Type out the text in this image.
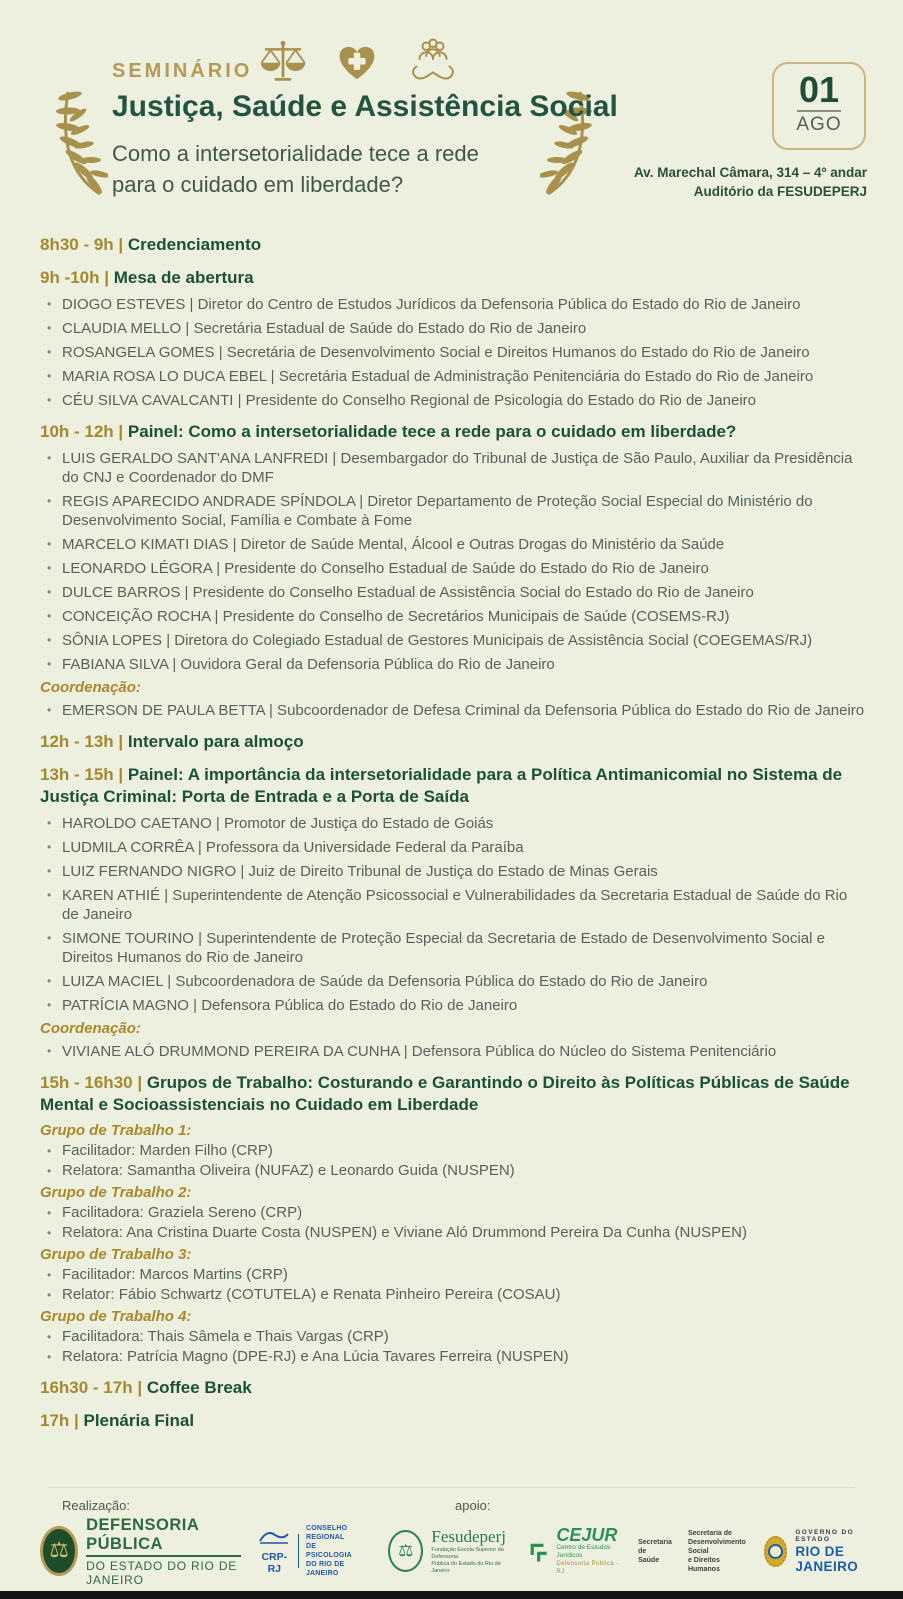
SEMINÁRIO
Justiça, Saúde e Assistência Social
Como a intersetorialidade tece a rede
para o cuidado em liberdade?
01
AGO
Av. Marechal Câmara, 314 – 4º andar
Auditório da FESUDEPERJ
8h30 - 9h | Credenciamento
9h -10h | Mesa de abertura
• DIOGO ESTEVES | Diretor do Centro de Estudos Jurídicos da Defensoria Pública do Estado do Rio de Janeiro
• CLAUDIA MELLO | Secretária Estadual de Saúde do Estado do Rio de Janeiro
• ROSANGELA GOMES | Secretária de Desenvolvimento Social e Direitos Humanos do Estado do Rio de Janeiro
• MARIA ROSA LO DUCA EBEL | Secretária Estadual de Administração Penitenciária do Estado do Rio de Janeiro
• CÉU SILVA CAVALCANTI | Presidente do Conselho Regional de Psicologia do Estado do Rio de Janeiro
10h - 12h | Painel: Como a intersetorialidade tece a rede para o cuidado em liberdade?
• LUIS GERALDO SANT'ANA LANFREDI | Desembargador do Tribunal de Justiça de São Paulo, Auxiliar da Presidência do CNJ e Coordenador do DMF
• REGIS APARECIDO ANDRADE SPÍNDOLA | Diretor Departamento de Proteção Social Especial do Ministério do Desenvolvimento Social, Família e Combate à Fome
• MARCELO KIMATI DIAS | Diretor de Saúde Mental, Álcool e Outras Drogas do Ministério da Saúde
• LEONARDO LÉGORA | Presidente do Conselho Estadual de Saúde do Estado do Rio de Janeiro
• DULCE BARROS | Presidente do Conselho Estadual de Assistência Social do Estado do Rio de Janeiro
• CONCEIÇÃO ROCHA | Presidente do Conselho de Secretários Municipais de Saúde (COSEMS-RJ)
• SÔNIA LOPES | Diretora do Colegiado Estadual de Gestores Municipais de Assistência Social (COEGEMAS/RJ)
• FABIANA SILVA | Ouvidora Geral da Defensoria Pública do Rio de Janeiro

Coordenação:

• EMERSON DE PAULA BETTA | Subcoordenador de Defesa Criminal da Defensoria Pública do Estado do Rio de Janeiro
12h - 13h | Intervalo para almoço
13h - 15h | Painel: A importância da intersetorialidade para a Política Antimanicomial no Sistema de Justiça Criminal: Porta de Entrada e a Porta de Saída
• HAROLDO CAETANO | Promotor de Justiça do Estado de Goiás
• LUDMILA CORRÊA | Professora da Universidade Federal da Paraíba
• LUIZ FERNANDO NIGRO | Juiz de Direito Tribunal de Justiça do Estado de Minas Gerais
• KAREN ATHIÉ | Superintendente de Atenção Psicossocial e Vulnerabilidades da Secretaria Estadual de Saúde do Rio de Janeiro
• SIMONE TOURINO | Superintendente de Proteção Especial da Secretaria de Estado de Desenvolvimento Social e Direitos Humanos do Rio de Janeiro
• LUIZA MACIEL | Subcoordenadora de Saúde da Defensoria Pública do Estado do Rio de Janeiro
• PATRÍCIA MAGNO | Defensora Pública do Estado do Rio de Janeiro

Coordenação:

• VIVIANE ALÓ DRUMMOND PEREIRA DA CUNHA | Defensora Pública do Núcleo do Sistema Penitenciário
15h - 16h30 | Grupos de Trabalho: Costurando e Garantindo o Direito às Políticas Públicas de Saúde Mental e Socioassistenciais no Cuidado em Liberdade

Grupo de Trabalho 1:

• Facilitador: Marden Filho (CRP)
• Relatora: Samantha Oliveira (NUFAZ) e Leonardo Guida (NUSPEN)

Grupo de Trabalho 2:

• Facilitadora: Graziela Sereno (CRP)
• Relatora: Ana Cristina Duarte Costa (NUSPEN) e Viviane Aló Drummond Pereira Da Cunha (NUSPEN)

Grupo de Trabalho 3:

• Facilitador: Marcos Martins (CRP)
• Relator: Fábio Schwartz (COTUTELA) e Renata Pinheiro Pereira (COSAU)

Grupo de Trabalho 4:

• Facilitadora: Thais Sâmela e Thais Vargas (CRP)
• Relatora: Patrícia Magno (DPE-RJ) e Ana Lúcia Tavares Ferreira (NUSPEN)
16h30 - 17h | Coffee Break
17h | Plenária Final
Realização:	apoio:
⚖
DEFENSORIA PÚBLICA
DO ESTADO DO RIO DE JANEIRO
CRP-RJ
CONSELHO REGIONAL
DE PSICOLOGIA
DO RIO DE JANEIRO
⚖
Fesudeperj
Fundação Escola Superior da Defensoria
Pública do Estado do Rio de Janeiro
CEJUR
Centro de Estudos Jurídicos
Defensoria Pública - RJ
Secretaria de
Saúde
Secretaria de
Desenvolvimento Social
e Direitos Humanos
GOVERNO DO ESTADO
RIO DE JANEIRO
